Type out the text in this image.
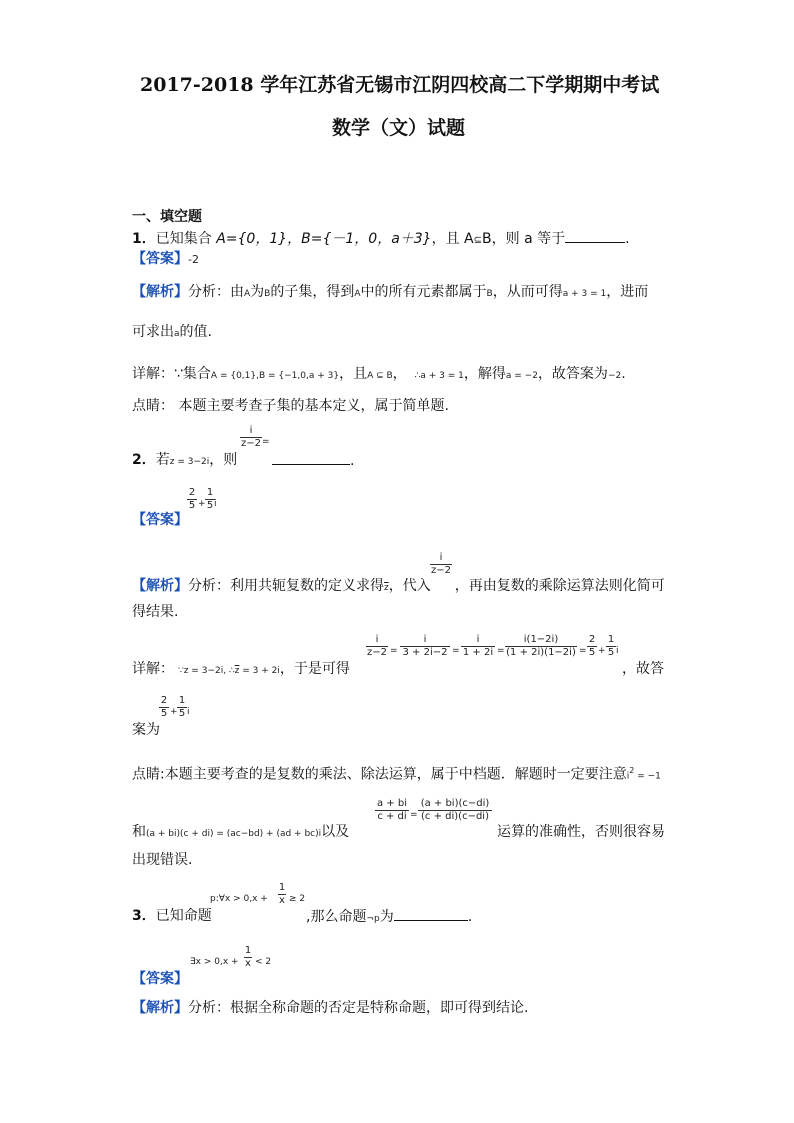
2017-2018 学年江苏省无锡市江阴四校高二下学期期中考试
数学（文）试题
一、填空题
1．已知集合 A={0，1}，B={－1，0，a＋3}，且 A⊆B，则 a 等于	.
【答案】-2
【解析】分析：由A为B的子集，得到A中的所有元素都属于B，从而可得a + 3 = 1，进而
可求出a的值.
详解：∵集合A = {0,1},B = {−1,0,a + 3}，且A ⊆ B， ∴a + 3 = 1，解得a = −2，故答案为−2.
点睛： 本题主要考查子集的基本定义，属于简单题.
2．若z = 3−2i，则
i
z−2 =
.
【答案】
2
5 +
1
5 i
【解析】分析：利用共轭复数的定义求得$\overline{z}$，代入 ，再由复数的乘除运算法则化简可
i
z−2
得结果.
详解： ∵z = 3−2i, $\therefore\overline{z} = 3 + 2i$，于是可得
i
z−2 =
i
3 + 2i−2 =
i
1 + 2i =
i(1−2i)
(1 + 2i)(1−2i) =
2
5 +
1
5 i
，故答
案为
2
5 +
1
5 i
点睛:本题主要考查的是复数的乘法、除法运算，属于中档题．解题时一定要注意$i^2 = -1$
和(a + bi)(c + di) = (ac−bd) + (ad + bc)i以及
a + bi
c + di =
(a + bi)(c−di)
(c + di)(c−di)
运算的准确性，否则很容易
出现错误.
3．已知命题
p:∀x > 0,x +
1
x ≥ 2
,那么命题¬p为	.
【答案】
∃x > 0,x +
1
x < 2
【解析】分析：根据全称命题的否定是特称命题，即可得到结论.
